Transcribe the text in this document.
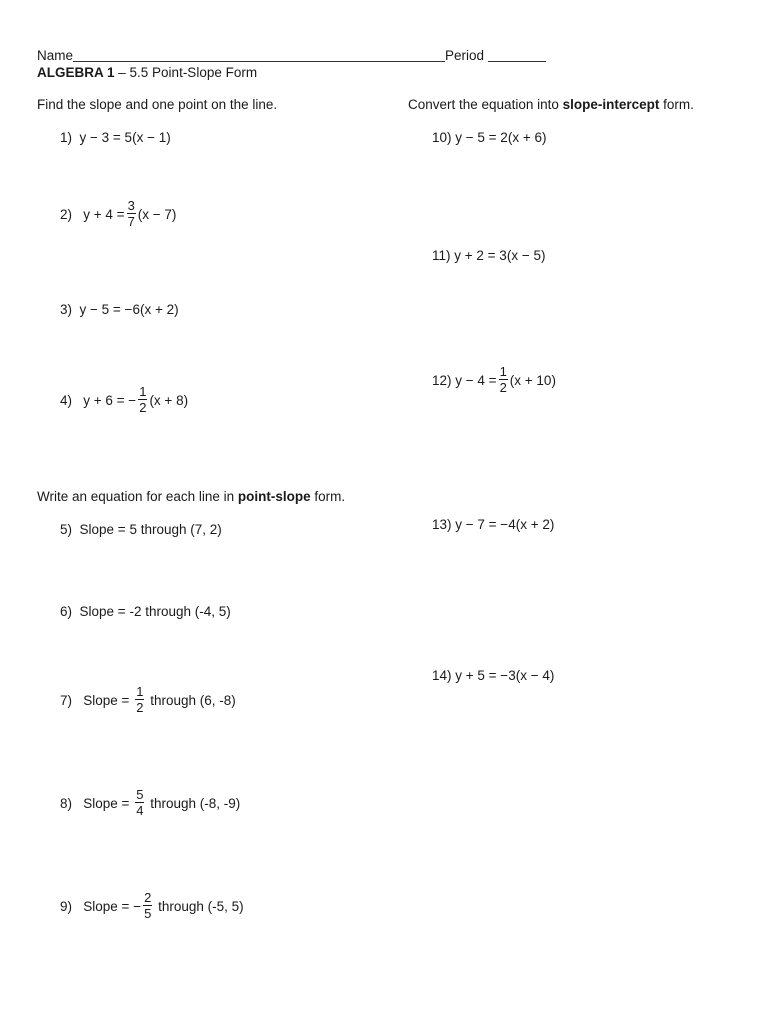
Name	Period
ALGEBRA 1 – 5.5 Point-Slope Form
Find the slope and one point on the line.	Convert the equation into slope-intercept form.
1) y − 3 = 5(x − 1)
2)
$y + 4 = \frac{3}{7} (x - 7)$
3) y − 5 = −6(x + 2)
4)
y + 6 = − $\frac{1}{2} (x + 8)$
10) y − 5 = 2(x + 6)
11) y + 2 = 3(x − 5)
12)
$y - 4 = \frac{1}{2} (x + 10)$
Write an equation for each line in point-slope form.
13) y − 7 = −4(x + 2)
5) Slope = 5 through (7, 2)
6) Slope = -2 through (-4, 5)
14) y + 5 = −3(x − 4)
7)
Slope =
$\frac{1}{2}$
through (6, -8)
8)
Slope =
$\frac{5}{4}$
through (-8, -9)
9)
Slope = − $\frac{2}{5}$
through (-5, 5)
